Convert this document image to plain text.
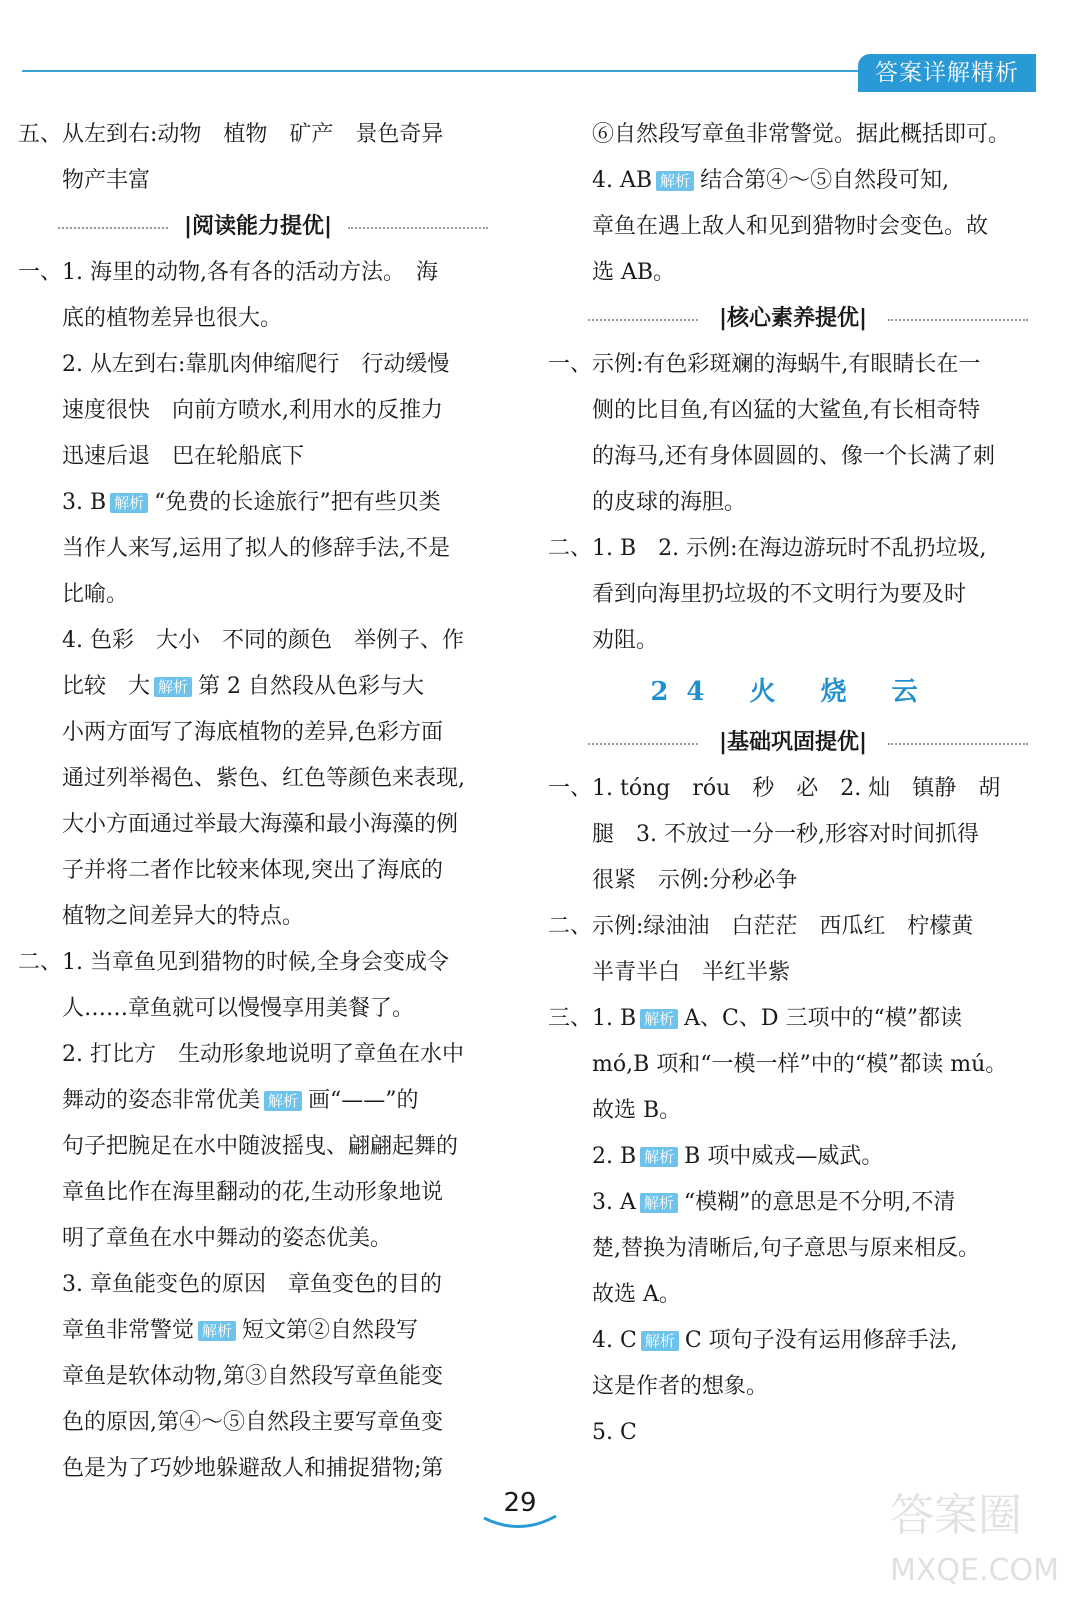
答案详解精析
五、从左到右:动物　植物　矿产　景色奇异
物产丰富
|阅读能力提优|
一、1. 海里的动物,各有各的活动方法。　海
底的植物差异也很大。
2. 从左到右:靠肌肉伸缩爬行　行动缓慢
速度很快　向前方喷水,利用水的反推力
迅速后退　巴在轮船底下
3. B 解析 “免费的长途旅行”把有些贝类
当作人来写,运用了拟人的修辞手法,不是
比喻。
4. 色彩　大小　不同的颜色　举例子、作
比较　大 解析 第 2 自然段从色彩与大
小两方面写了海底植物的差异,色彩方面
通过列举褐色、紫色、红色等颜色来表现,
大小方面通过举最大海藻和最小海藻的例
子并将二者作比较来体现,突出了海底的
植物之间差异大的特点。
二、1. 当章鱼见到猎物的时候,全身会变成令
人……章鱼就可以慢慢享用美餐了。
2. 打比方　生动形象地说明了章鱼在水中
舞动的姿态非常优美 解析 画“——”的
句子把腕足在水中随波摇曳、翩翩起舞的
章鱼比作在海里翻动的花,生动形象地说
明了章鱼在水中舞动的姿态优美。
3. 章鱼能变色的原因　章鱼变色的目的
章鱼非常警觉 解析 短文第②自然段写
章鱼是软体动物,第③自然段写章鱼能变
色的原因,第④～⑤自然段主要写章鱼变
色是为了巧妙地躲避敌人和捕捉猎物;第
⑥自然段写章鱼非常警觉。据此概括即可。
4. AB 解析 结合第④～⑤自然段可知,
章鱼在遇上敌人和见到猎物时会变色。故
选 AB。
|核心素养提优|
一、示例:有色彩斑斓的海蜗牛,有眼睛长在一
侧的比目鱼,有凶猛的大鲨鱼,有长相奇特
的海马,还有身体圆圆的、像一个长满了刺
的皮球的海胆。
二、1. B　2. 示例:在海边游玩时不乱扔垃圾,
看到向海里扔垃圾的不文明行为要及时
劝阻。
24 火 烧 云
|基础巩固提优|
一、1. tóng　róu　秒　必　2. 灿　镇静　胡
腿　3. 不放过一分一秒,形容对时间抓得
很紧　示例:分秒必争
二、示例:绿油油　白茫茫　西瓜红　柠檬黄
半青半白　半红半紫
三、1. B 解析 A、C、D 三项中的“模”都读
mó,B 项和“一模一样”中的“模”都读 mú。
故选 B。
2. B 解析 B 项中威戎—威武。
3. A 解析 “模糊”的意思是不分明,不清
楚,替换为清晰后,句子意思与原来相反。
故选 A。
4. C 解析 C 项句子没有运用修辞手法,
这是作者的想象。
5. C
29	答案圈
MXQE.COM
